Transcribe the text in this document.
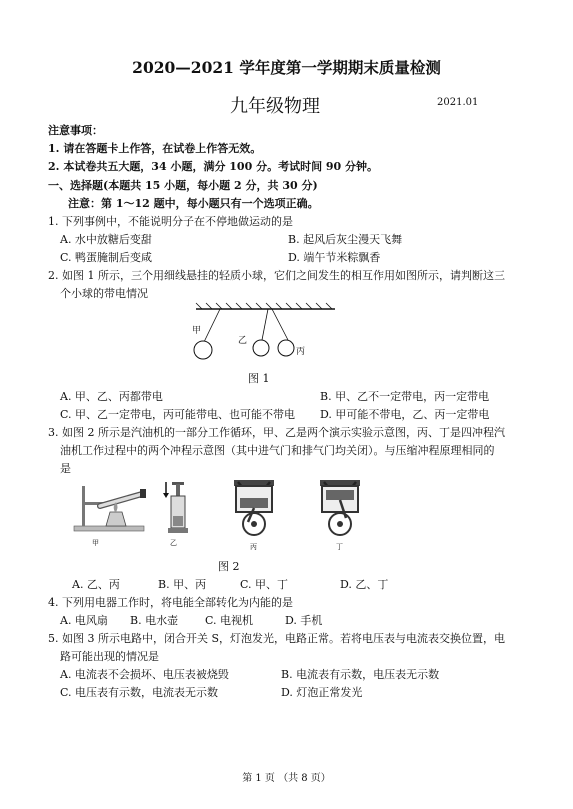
2020—2021 学年度第一学期期末质量检测
九年级物理	2021.01
注意事项：
1. 请在答题卡上作答，在试卷上作答无效。
2. 本试卷共五大题，34 小题，满分 100 分。考试时间 90 分钟。
一、选择题(本题共 15 小题，每小题 2 分，共 30 分)
注意：第 1～12 题中，每小题只有一个选项正确。
1. 下列事例中，不能说明分子在不停地做运动的是
A. 水中放糖后变甜	B. 起风后灰尘漫天飞舞
C. 鸭蛋腌制后变咸	D. 端午节米粽飘香
2. 如图 1 所示，三个用细线悬挂的轻质小球，它们之间发生的相互作用如图所示，请判断这三
个小球的带电情况
甲
乙
丙
图 1
A. 甲、乙、丙都带电	B. 甲、乙不一定带电，丙一定带电
C. 甲、乙一定带电，丙可能带电、也可能不带电 D. 甲可能不带电，乙、丙一定带电
3. 如图 2 所示是汽油机的一部分工作循环，甲、乙是两个演示实验示意图，丙、丁是四冲程汽
油机工作过程中的两个冲程示意图（其中进气门和排气门均关闭）。与压缩冲程原理相同的
是
甲	乙	丙	丁
图 2
A. 乙、丙	B. 甲、丙	C. 甲、丁	D. 乙、丁
4. 下列用电器工作时，将电能全部转化为内能的是
A. 电风扇 B. 电水壶 C. 电视机	D. 手机
5. 如图 3 所示电路中，闭合开关 S，灯泡发光，电路正常。若将电压表与电流表交换位置，电
路可能出现的情况是
A. 电流表不会损坏、电压表被烧毁	B. 电流表有示数，电压表无示数
C. 电压表有示数，电流表无示数	D. 灯泡正常发光
第 1 页 （共 8 页）
